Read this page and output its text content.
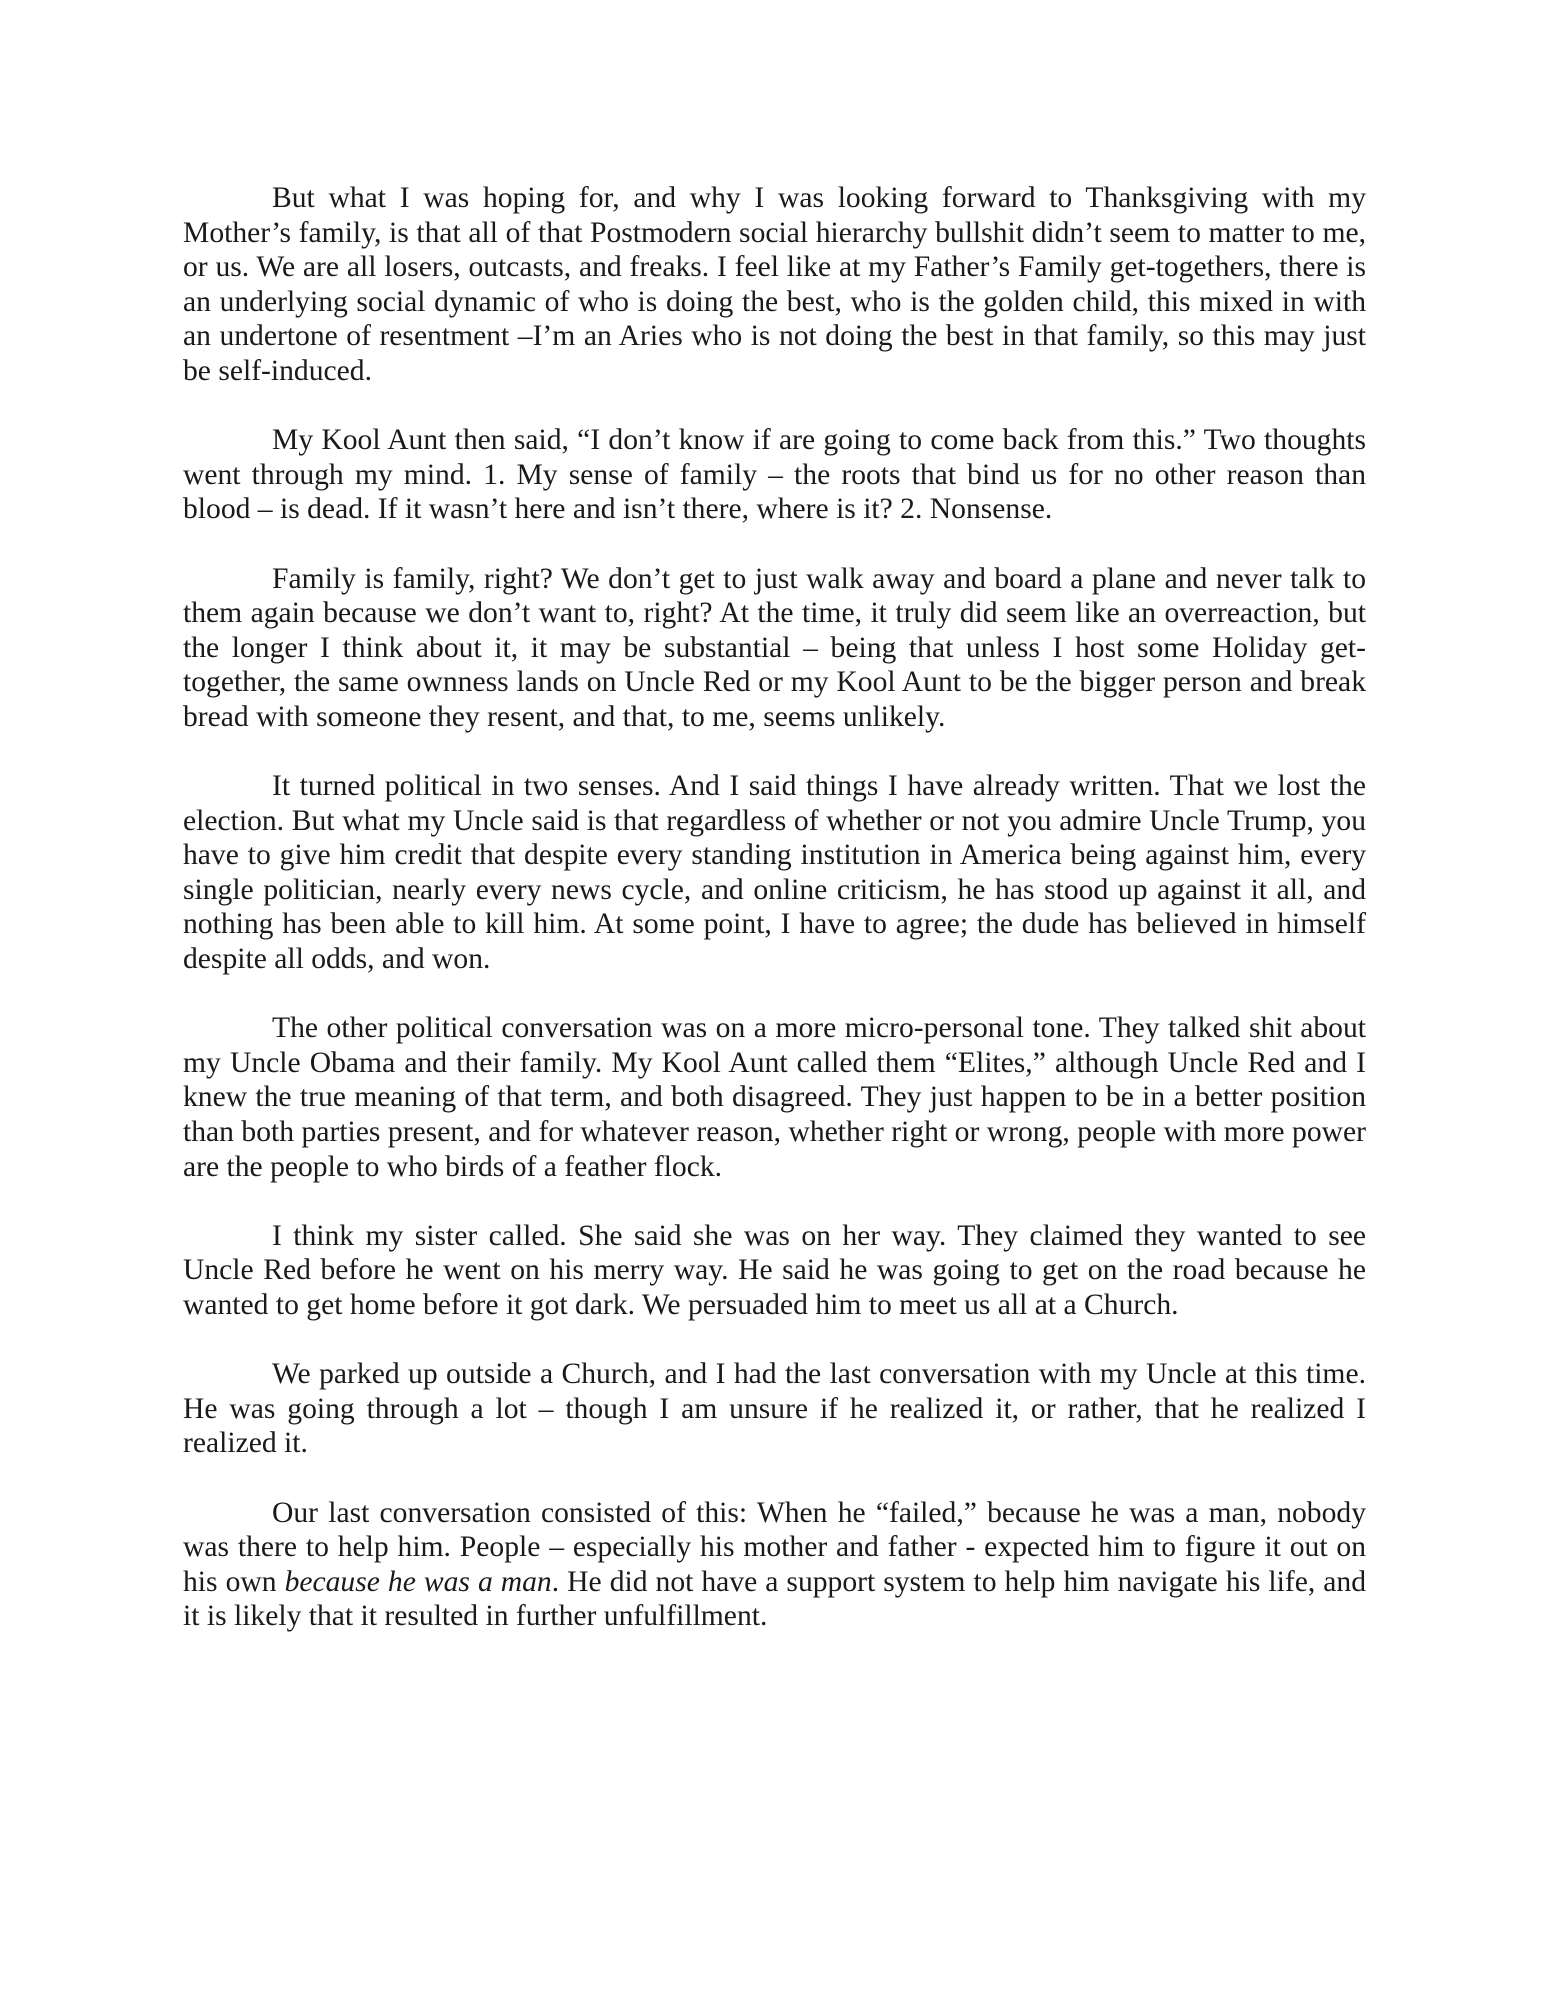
But what I was hoping for, and why I was looking forward to Thanksgiving with my Mother’s family, is that all of that Postmodern social hierarchy bullshit didn’t seem to matter to me, or us. We are all losers, outcasts, and freaks. I feel like at my Father’s Family get-togethers, there is an underlying social dynamic of who is doing the best, who is the golden child, this mixed in with an undertone of resentment –I’m an Aries who is not doing the best in that family, so this may just be self-induced.

My Kool Aunt then said, “I don’t know if are going to come back from this.” Two thoughts went through my mind. 1. My sense of family – the roots that bind us for no other reason than blood – is dead. If it wasn’t here and isn’t there, where is it? 2. Nonsense.

Family is family, right? We don’t get to just walk away and board a plane and never talk to them again because we don’t want to, right? At the time, it truly did seem like an overreaction, but the longer I think about it, it may be substantial – being that unless I host some Holiday get-together, the same ownness lands on Uncle Red or my Kool Aunt to be the bigger person and break bread with someone they resent, and that, to me, seems unlikely.

It turned political in two senses. And I said things I have already written. That we lost the election. But what my Uncle said is that regardless of whether or not you admire Uncle Trump, you have to give him credit that despite every standing institution in America being against him, every single politician, nearly every news cycle, and online criticism, he has stood up against it all, and nothing has been able to kill him. At some point, I have to agree; the dude has believed in himself despite all odds, and won.

The other political conversation was on a more micro-personal tone. They talked shit about my Uncle Obama and their family. My Kool Aunt called them “Elites,” although Uncle Red and I knew the true meaning of that term, and both disagreed. They just happen to be in a better position than both parties present, and for whatever reason, whether right or wrong, people with more power are the people to who birds of a feather flock.

I think my sister called. She said she was on her way. They claimed they wanted to see Uncle Red before he went on his merry way. He said he was going to get on the road because he wanted to get home before it got dark. We persuaded him to meet us all at a Church.

We parked up outside a Church, and I had the last conversation with my Uncle at this time. He was going through a lot – though I am unsure if he realized it, or rather, that he realized I realized it.

Our last conversation consisted of this: When he “failed,” because he was a man, nobody was there to help him. People – especially his mother and father - expected him to figure it out on his own because he was a man. He did not have a support system to help him navigate his life, and it is likely that it resulted in further unfulfillment.
